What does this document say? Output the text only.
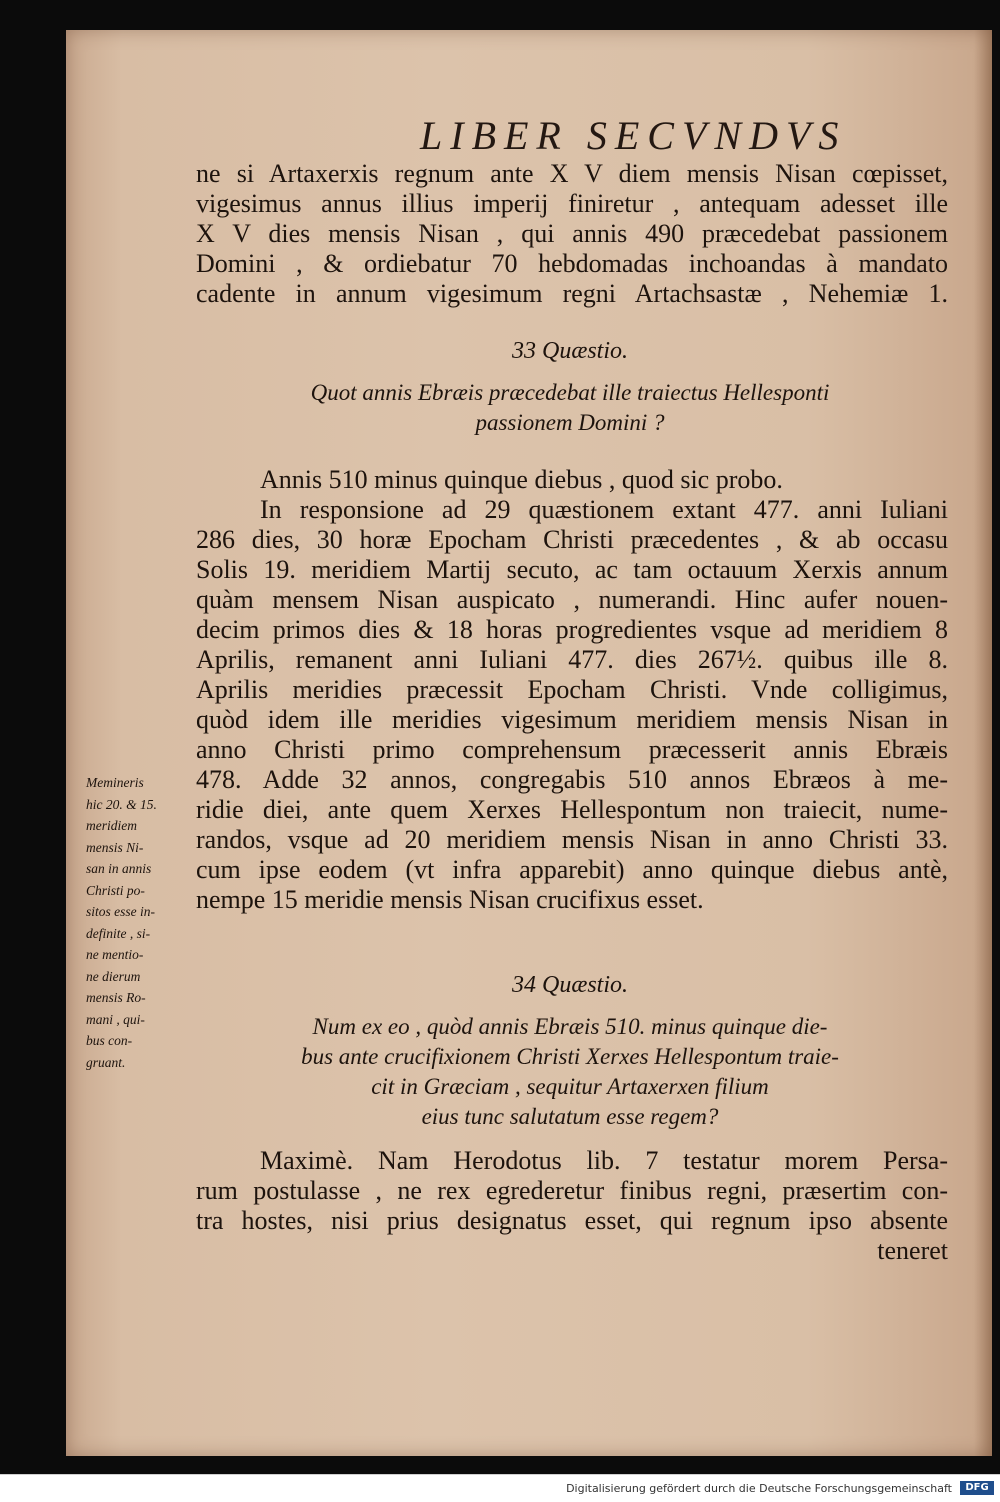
LIBER SECVNDVS
ne si Artaxerxis regnum ante X V diem mensis Nisan cœpisset,
vigesimus annus illius imperij finiretur , antequam adesset ille
X V dies mensis Nisan , qui annis 490 præcedebat passionem
Domini , & ordiebatur 70 hebdomadas inchoandas à mandato
cadente in annum vigesimum regni Artachsastæ , Nehemiæ 1.
33 Quæstio.
Quot annis Ebræis præcedebat ille traiectus Hellesponti
passionem Domini ?
Annis 510 minus quinque diebus , quod sic probo.
In responsione ad 29 quæstionem extant 477. anni Iuliani
286 dies, 30 horæ Epocham Christi præcedentes , & ab occasu
Solis 19. meridiem Martij secuto, ac tam octauum Xerxis annum
quàm mensem Nisan auspicato , numerandi. Hinc aufer nouen-
decim primos dies & 18 horas progredientes vsque ad meridiem 8
Aprilis, remanent anni Iuliani 477. dies 267½. quibus ille 8.
Aprilis meridies præcessit Epocham Christi. Vnde colligimus,
quòd idem ille meridies vigesimum meridiem mensis Nisan in
anno Christi primo comprehensum præcesserit annis Ebræis
478. Adde 32 annos, congregabis 510 annos Ebræos à me-
ridie diei, ante quem Xerxes Hellespontum non traiecit, nume-
randos, vsque ad 20 meridiem mensis Nisan in anno Christi 33.
cum ipse eodem (vt infra apparebit) anno quinque diebus antè,
nempe 15 meridie mensis Nisan crucifixus esset.
Memineris
hic 20. & 15.
meridiem
mensis Ni-
san in annis
Christi po-
sitos esse in-
definite , si-
ne mentio-
ne dierum
mensis Ro-
mani , qui-
bus con-
gruant.
34 Quæstio.
Num ex eo , quòd annis Ebræis 510. minus quinque die-
bus ante crucifixionem Christi Xerxes Hellespontum traie-
cit in Græciam , sequitur Artaxerxen filium
eius tunc salutatum esse regem?
Maximè. Nam Herodotus lib. 7 testatur morem Persa-
rum postulasse , ne rex egrederetur finibus regni, præsertim con-
tra hostes, nisi prius designatus esset, qui regnum ipso absente
teneret
Digitalisierung gefördert durch die Deutsche Forschungsgemeinschaft	DFG
